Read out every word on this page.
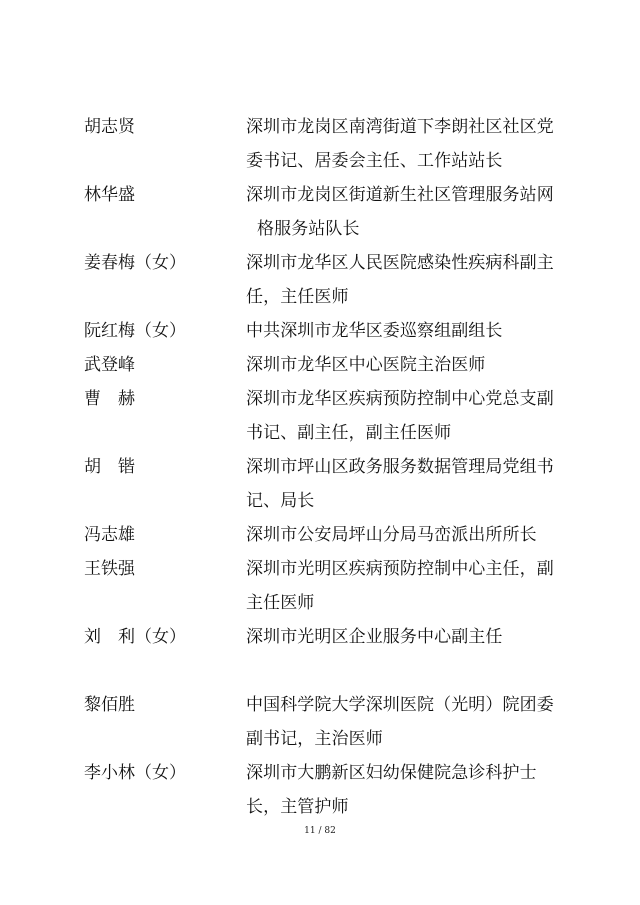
胡志贤	深圳市龙岗区南湾街道下李朗社区社区党
委书记、居委会主任、工作站站长
林华盛	深圳市龙岗区街道新生社区管理服务站网
格服务站队长
姜春梅（女）	深圳市龙华区人民医院感染性疾病科副主
任，主任医师
阮红梅（女）	中共深圳市龙华区委巡察组副组长
武登峰	深圳市龙华区中心医院主治医师
曹　赫	深圳市龙华区疾病预防控制中心党总支副
书记、副主任，副主任医师
胡　锴	深圳市坪山区政务服务数据管理局党组书
记、局长
冯志雄	深圳市公安局坪山分局马峦派出所所长
王铁强	深圳市光明区疾病预防控制中心主任，副
主任医师
刘　利（女）	深圳市光明区企业服务中心副主任
黎佰胜	中国科学院大学深圳医院（光明）院团委
副书记，主治医师
李小林（女）	深圳市大鹏新区妇幼保健院急诊科护士
长，主管护师
11 / 82
